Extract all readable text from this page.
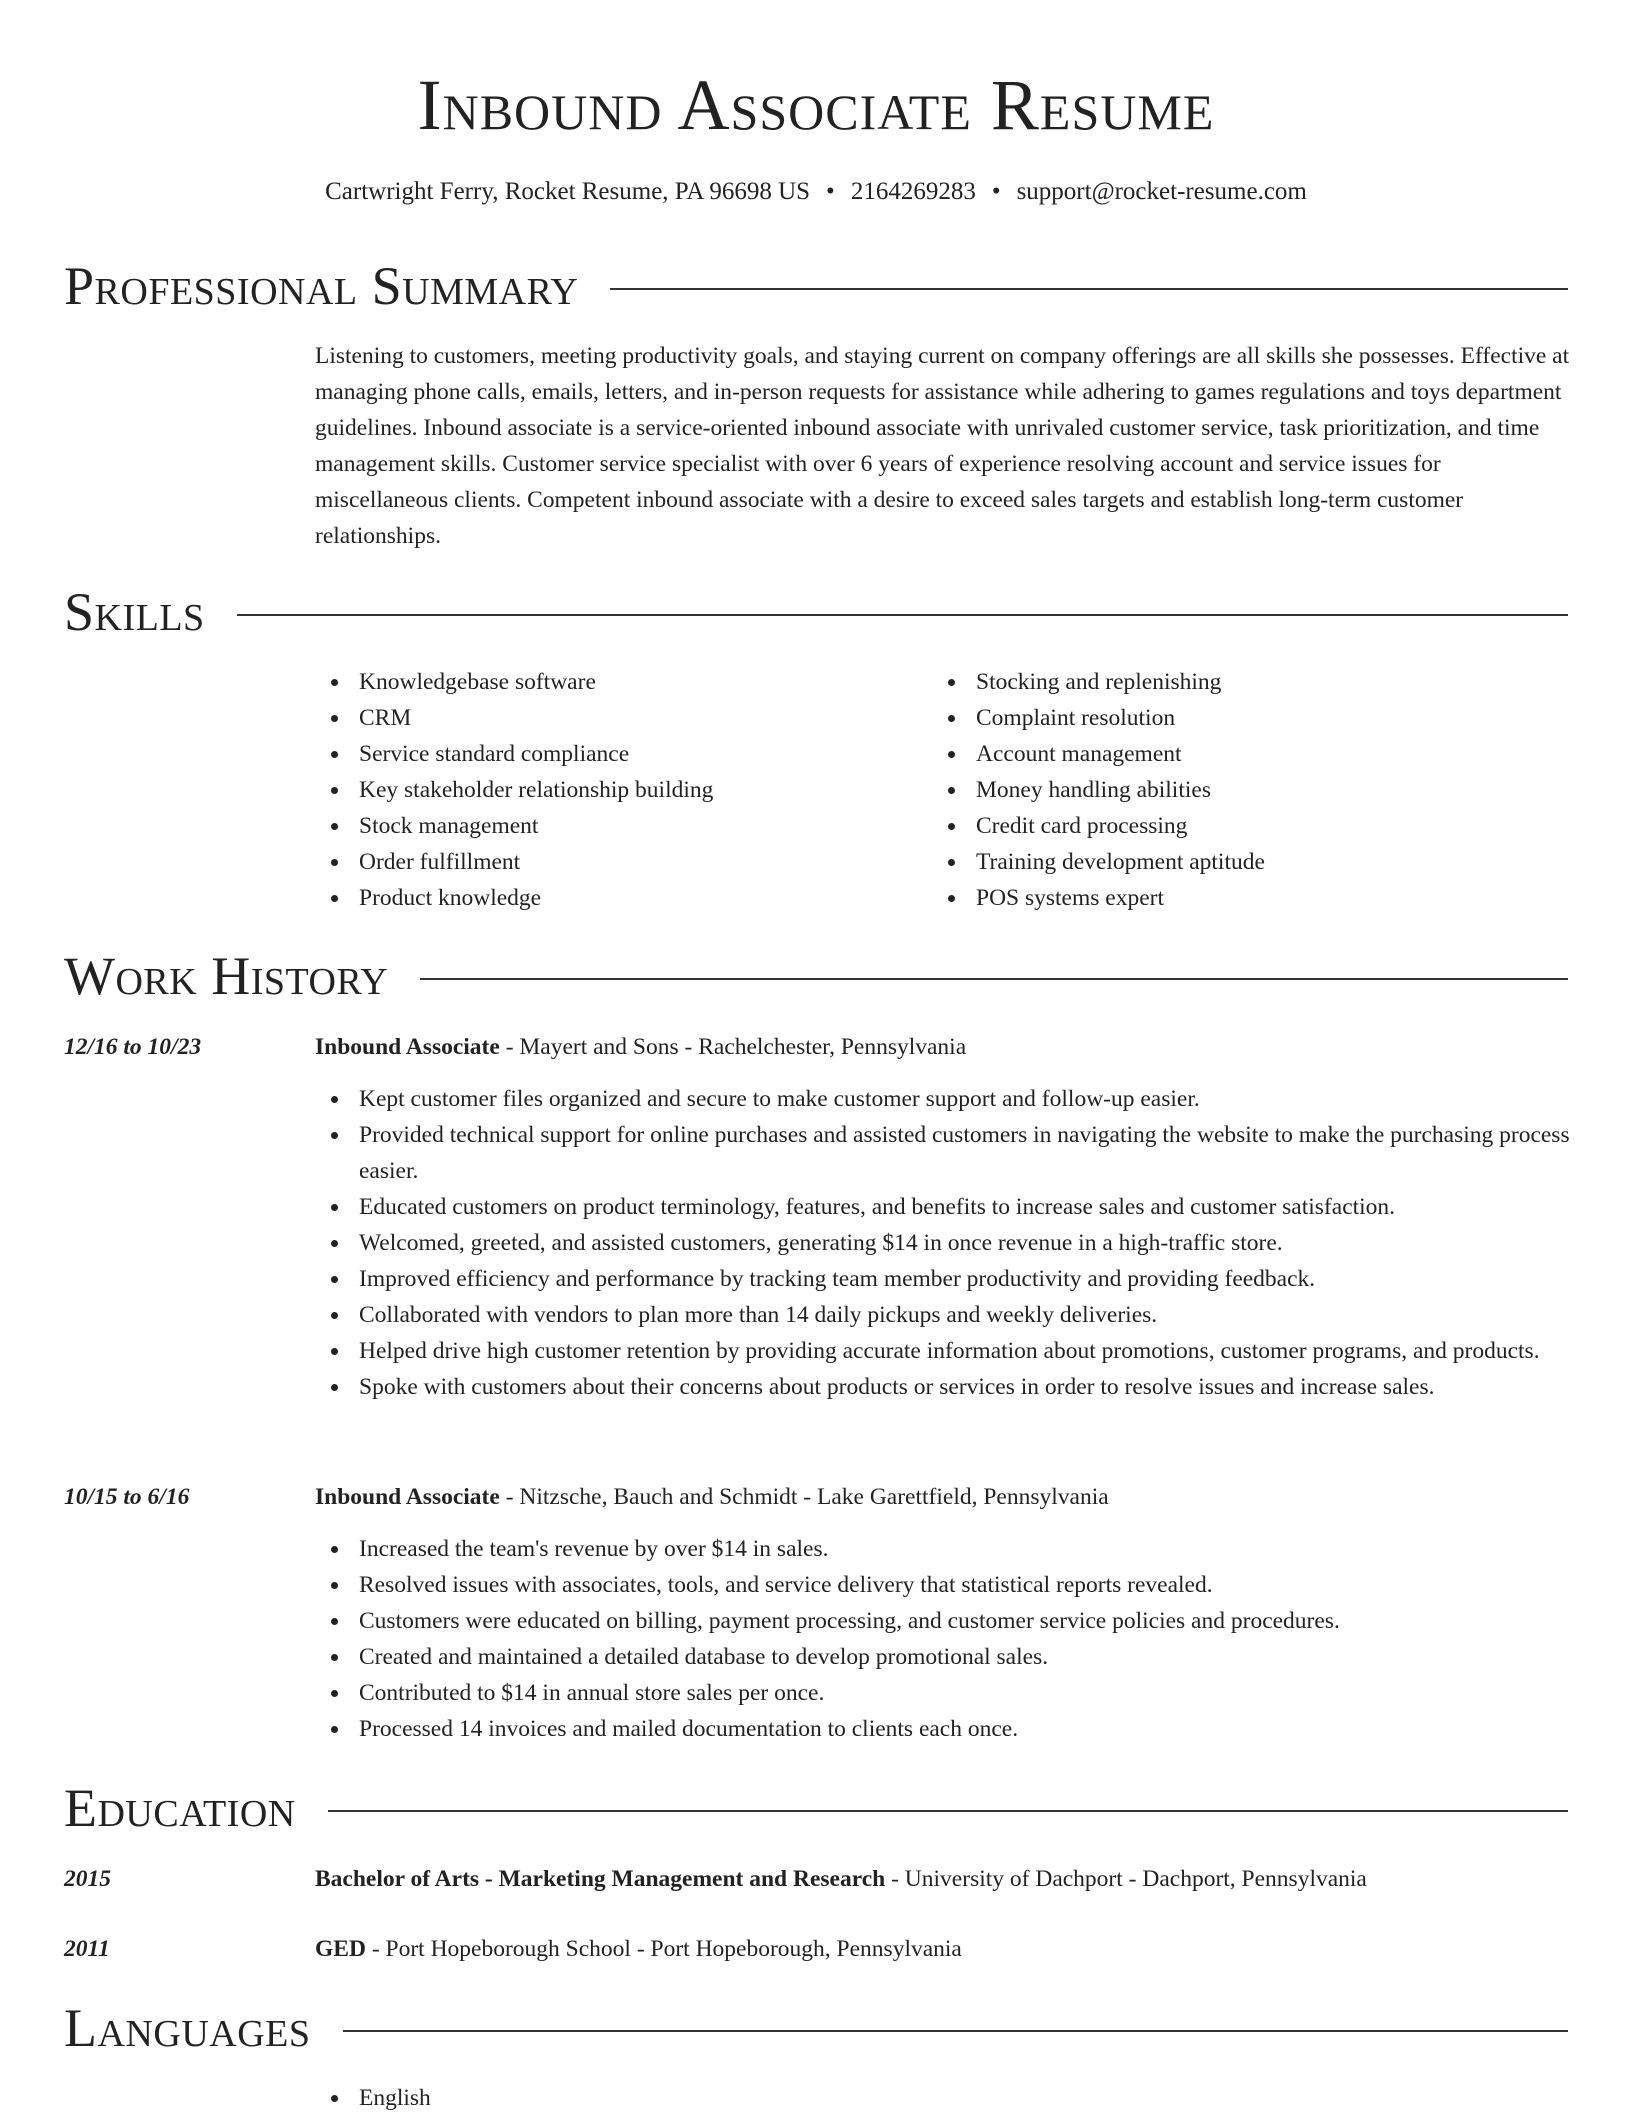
Inbound Associate Resume
Cartwright Ferry, Rocket Resume, PA 96698 US • 2164269283 • support@rocket-resume.com
Professional Summary

Listening to customers, meeting productivity goals, and staying current on company offerings are all skills she possesses. Effective at managing phone calls, emails, letters, and in-person requests for assistance while adhering to games regulations and toys department guidelines. Inbound associate is a service-oriented inbound associate with unrivaled customer service, task prioritization, and time management skills. Customer service specialist with over 6 years of experience resolving account and service issues for miscellaneous clients. Competent inbound associate with a desire to exceed sales targets and establish long-term customer relationships.

Skills
Knowledgebase software
CRM
Service standard compliance
Key stakeholder relationship building
Stock management
Order fulfillment
Product knowledge
Stocking and replenishing
Complaint resolution
Account management
Money handling abilities
Credit card processing
Training development aptitude
POS systems expert
Work History
12/16 to 10/23	Inbound Associate - Mayert and Sons - Rachelchester, Pennsylvania
Kept customer files organized and secure to make customer support and follow-up easier.
Provided technical support for online purchases and assisted customers in navigating the website to make the purchasing process easier.
Educated customers on product terminology, features, and benefits to increase sales and customer satisfaction.
Welcomed, greeted, and assisted customers, generating $14 in once revenue in a high-traffic store.
Improved efficiency and performance by tracking team member productivity and providing feedback.
Collaborated with vendors to plan more than 14 daily pickups and weekly deliveries.
Helped drive high customer retention by providing accurate information about promotions, customer programs, and products.
Spoke with customers about their concerns about products or services in order to resolve issues and increase sales.
10/15 to 6/16	Inbound Associate - Nitzsche, Bauch and Schmidt - Lake Garettfield, Pennsylvania
Increased the team's revenue by over $14 in sales.
Resolved issues with associates, tools, and service delivery that statistical reports revealed.
Customers were educated on billing, payment processing, and customer service policies and procedures.
Created and maintained a detailed database to develop promotional sales.
Contributed to $14 in annual store sales per once.
Processed 14 invoices and mailed documentation to clients each once.
Education
2015	Bachelor of Arts - Marketing Management and Research - University of Dachport - Dachport, Pennsylvania
2011	GED - Port Hopeborough School - Port Hopeborough, Pennsylvania
Languages
English
